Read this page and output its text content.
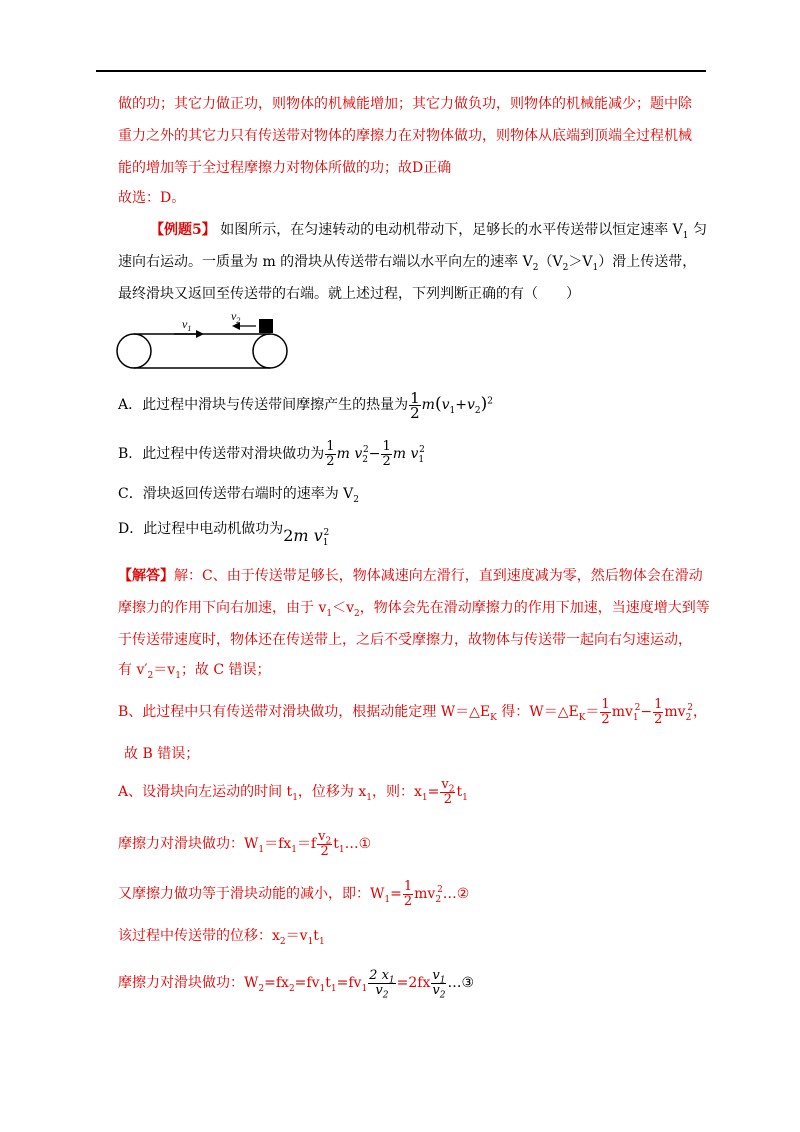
做的功；其它力做正功，则物体的机械能增加；其它力做负功，则物体的机械能减少；题中除
重力之外的其它力只有传送带对物体的摩擦力在对物体做功，则物体从底端到顶端全过程机械
能的增加等于全过程摩擦力对物体所做的功；故D正确
故选：D。
【例题5】 如图所示，在匀速转动的电动机带动下，足够长的水平传送带以恒定速率 $V_1$ 匀
速向右运动。一质量为 m 的滑块从传送带右端以水平向左的速率 $V_2(V_2>V_1)$滑上传送带，
最终滑块又返回至传送带的右端。就上述过程，下列判断正确的有（　　）
$v_1$
$v_2$
A．此过程中滑块与传送带间摩擦产生的热量为 $\frac{1}{2} m(v_1+v_2)^2$
B．此过程中传送带对滑块做功为 $\frac{1}{2}$ m $v_2^2- \frac{1}{2}$ m $v_1^2$
C．滑块返回传送带右端时的速率为 $V_2$
D．此过程中电动机做功为2m $v_1^2$
【解答】解：C、由于传送带足够长，物体减速向左滑行，直到速度减为零，然后物体会在滑动
摩擦力的作用下向右加速，由于 $v_1<v_2$，物体会先在滑动摩擦力的作用下加速，当速度增大到等
于传送带速度时，物体还在传送带上，之后不受摩擦力，故物体与传送带一起向右匀速运动，
有 $v'_2=v_1$；故 C 错误；
B、此过程中只有传送带对滑块做功，根据动能定理 $W=\triangle E_K$ 得：$W=\triangle E_K= \frac{1}{2} mv_1^2- \frac{1}{2} mv_2^2$，
故 B 错误；
A、设滑块向左运动的时间 $t_1$，位移为 $x_1$，则：$x_1= \frac{v_2}{2} t_1$
摩擦力对滑块做功：$W_1=fx_1=f \frac{v_2}{2}$ $t_1\dots ①$
又摩擦力做功等于滑块动能的减小，即：$W_1= \frac{1}{2}$ $mv_2^2\dots ②$
该过程中传送带的位移：$x_2=v_1t_1$
摩擦力对滑块做功：$W_2=fx_2=fv_1t_1=fv_1 \frac{2 x_1}{v_2} =2fx \frac{v_1}{v_2}$ …③
